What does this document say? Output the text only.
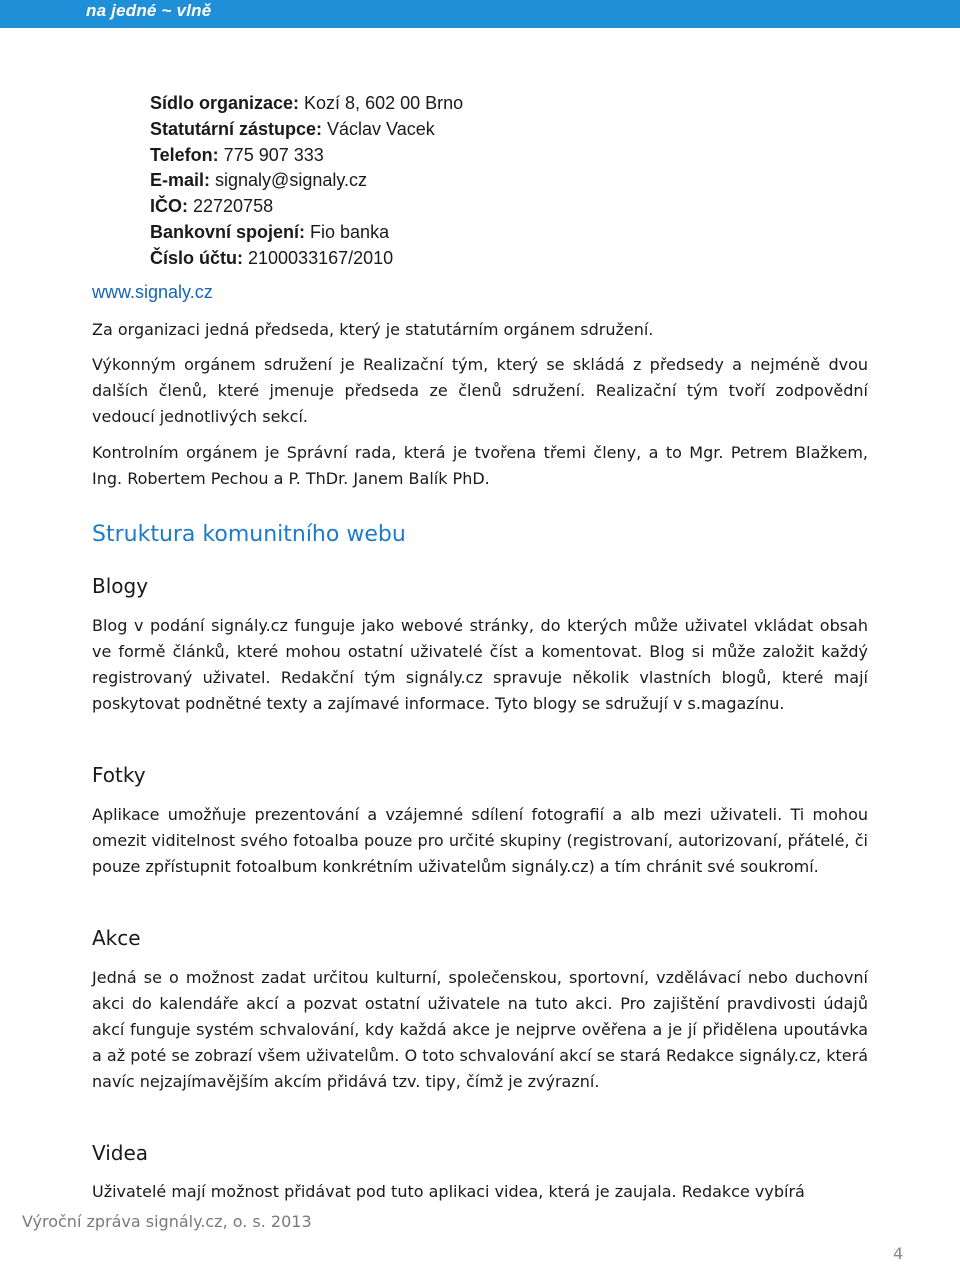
na jedné ~ vlně
Sídlo organizace: Kozí 8, 602 00 Brno
Statutární zástupce: Václav Vacek
Telefon: 775 907 333
E-mail: signaly@signaly.cz
IČO: 22720758
Bankovní spojení: Fio banka
Číslo účtu: 2100033167/2010
www.signaly.cz

Za organizaci jedná předseda, který je statutárním orgánem sdružení.

Výkonným orgánem sdružení je Realizační tým, který se skládá z předsedy a nejméně dvou dalších členů, které jmenuje předseda ze členů sdružení. Realizační tým tvoří zodpovědní vedoucí jednotlivých sekcí.

Kontrolním orgánem je Správní rada, která je tvořena třemi členy, a to Mgr. Petrem Blažkem, Ing. Robertem Pechou a P. ThDr. Janem Balík PhD.

Struktura komunitního webu
Blogy

Blog v podání signály.cz funguje jako webové stránky, do kterých může uživatel vkládat obsah ve formě článků, které mohou ostatní uživatelé číst a komentovat. Blog si může založit každý registrovaný uživatel. Redakční tým signály.cz spravuje několik vlastních blogů, které mají poskytovat podnětné texty a zajímavé informace. Tyto blogy se sdružují v s.magazínu.

Fotky

Aplikace umožňuje prezentování a vzájemné sdílení fotografií a alb mezi uživateli. Ti mohou omezit viditelnost svého fotoalba pouze pro určité skupiny (registrovaní, autorizovaní, přátelé, či pouze zpřístupnit fotoalbum konkrétním uživatelům signály.cz) a tím chránit své soukromí.

Akce

Jedná se o možnost zadat určitou kulturní, společenskou, sportovní, vzdělávací nebo duchovní akci do kalendáře akcí a pozvat ostatní uživatele na tuto akci. Pro zajištění pravdivosti údajů akcí funguje systém schvalování, kdy každá akce je nejprve ověřena a je jí přidělena upoutávka a až poté se zobrazí všem uživatelům. O toto schvalování akcí se stará Redakce signály.cz, která navíc nejzajímavějším akcím přidává tzv. tipy, čímž je zvýrazní.

Videa

Uživatelé mají možnost přidávat pod tuto aplikaci videa, která je zaujala. Redakce vybírá

Výroční zpráva signály.cz, o. s. 2013
4
